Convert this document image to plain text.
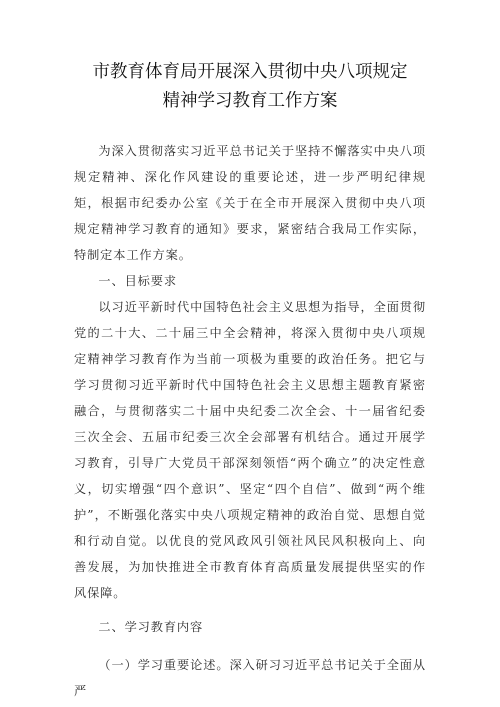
市教育体育局开展深入贯彻中央八项规定
精神学习教育工作方案

为深入贯彻落实习近平总书记关于坚持不懈落实中央八项规定精神、深化作风建设的重要论述，进一步严明纪律规矩，根据市纪委办公室《关于在全市开展深入贯彻中央八项规定精神学习教育的通知》要求，紧密结合我局工作实际，特制定本工作方案。

一、目标要求

以习近平新时代中国特色社会主义思想为指导，全面贯彻党的二十大、二十届三中全会精神，将深入贯彻中央八项规定精神学习教育作为当前一项极为重要的政治任务。把它与学习贯彻习近平新时代中国特色社会主义思想主题教育紧密融合，与贯彻落实二十届中央纪委二次全会、十一届省纪委三次全会、五届市纪委三次全会部署有机结合。通过开展学习教育，引导广大党员干部深刻领悟“两个确立”的决定性意义，切实增强“四个意识”、坚定“四个自信”、做到“两个维护”，不断强化落实中央八项规定精神的政治自觉、思想自觉和行动自觉。以优良的党风政风引领社风民风积极向上、向善发展，为加快推进全市教育体育高质量发展提供坚实的作风保障。

二、学习教育内容

（一）学习重要论述。深入研习习近平总书记关于全面从严
